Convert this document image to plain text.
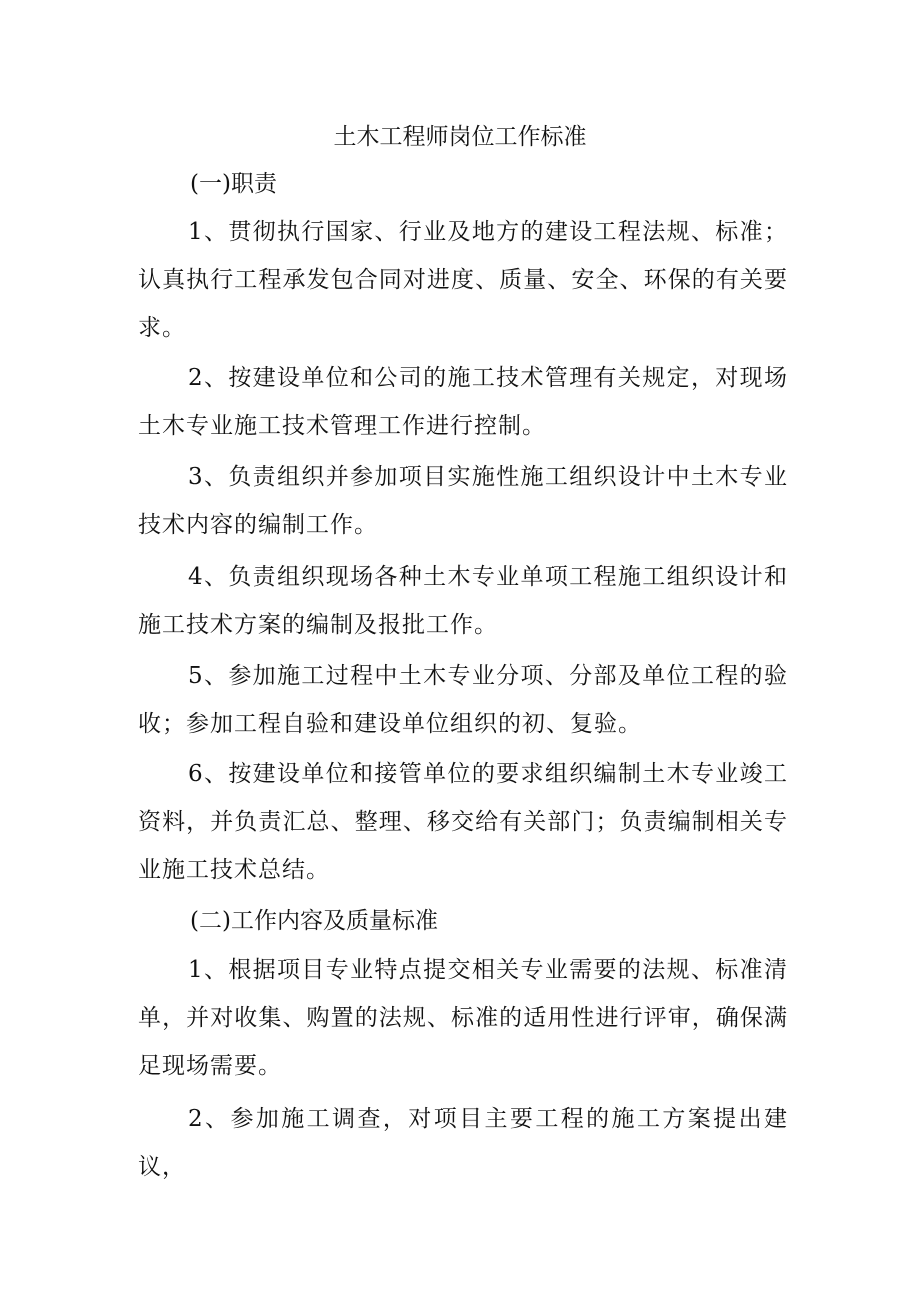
土木工程师岗位工作标准
(一)职责
1、贯彻执行国家、行业及地方的建设工程法规、标准；认真执行工程承发包合同对进度、质量、安全、环保的有关要求。
2、按建设单位和公司的施工技术管理有关规定，对现场土木专业施工技术管理工作进行控制。
3、负责组织并参加项目实施性施工组织设计中土木专业技术内容的编制工作。
4、负责组织现场各种土木专业单项工程施工组织设计和施工技术方案的编制及报批工作。
5、参加施工过程中土木专业分项、分部及单位工程的验收；参加工程自验和建设单位组织的初、复验。
6、按建设单位和接管单位的要求组织编制土木专业竣工资料，并负责汇总、整理、移交给有关部门；负责编制相关专业施工技术总结。
(二)工作内容及质量标准
1、根据项目专业特点提交相关专业需要的法规、标准清单，并对收集、购置的法规、标准的适用性进行评审，确保满足现场需要。
2、参加施工调查，对项目主要工程的施工方案提出建议，
